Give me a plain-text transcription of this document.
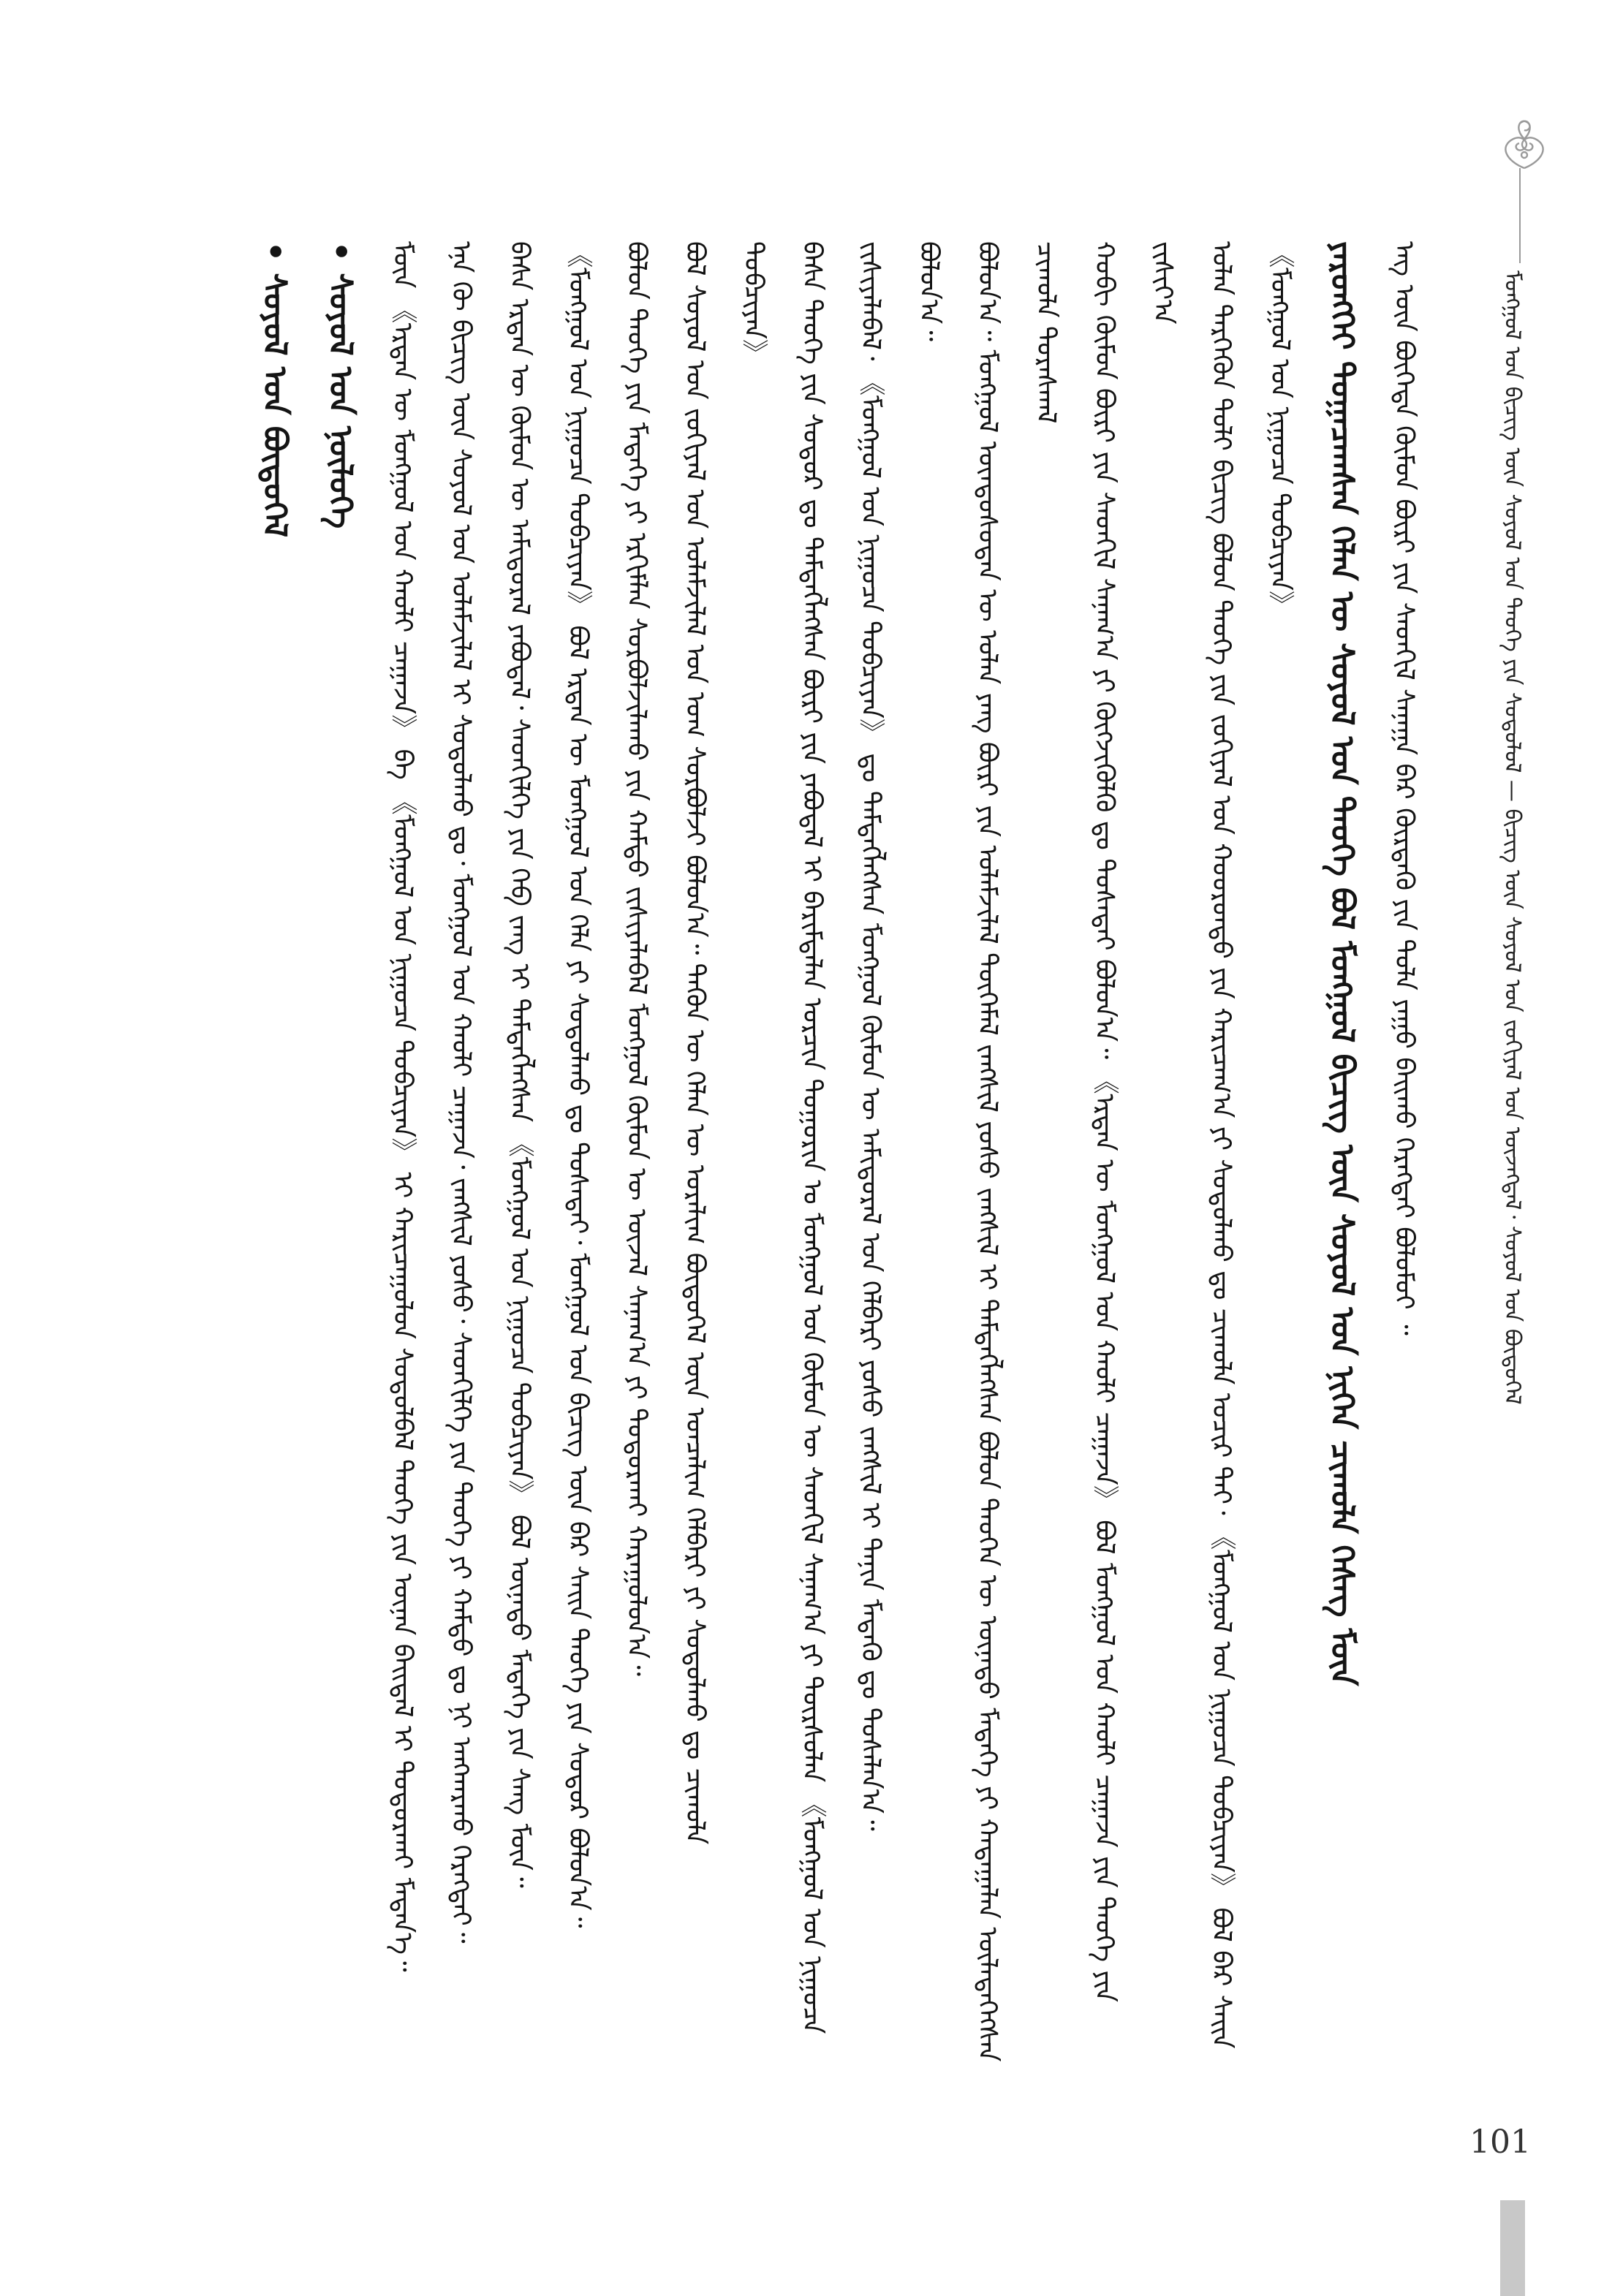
ᠮᠣᠩᠭᠣᠯ ᠤᠨ ᠪᠢᠴᠢᠭ᠌ ᠦᠨ ᠰᠣᠶᠣᠯ ᠤᠨ ᠲᠡᠦᠬᠡ ᠶᠢᠨ ᠰᠤᠳᠤᠯᠤᠯ — ᠪᠢᠴᠢᠭ᠌ ᠦᠨ ᠰᠣᠶᠣᠯ ᠤᠨ ᠵᠣᠬᠢᠶᠠᠯ ᠤᠨ ᠦᠵᠡᠭᠳᠡᠯ᠂ ᠰᠣᠶᠣᠯ ᠤᠨ ᠪᠦᠲᠦᠭᠡᠯ
ᠡᠩ ᠦᠨ ᠪᠦᠭᠡᠳᠡ ᠬᠦᠮᠦᠨ ᠪᠦᠷᠢ ᠶᠢᠨ ᠰᠡᠳᠬᠢᠯ ᠰᠠᠨᠠᠭᠠ ᠪᠡᠷ ᠬᠦᠷᠲᠡᠬᠦ ᠶᠢᠨ ᠲᠤᠯᠠ ᠶᠠᠭᠤ ᠪᠠᠢ᠌ᠬᠤ ᠬᠡᠷᠡᠭᠲᠡᠢ ᠪᠣᠯᠤᠮᠤᠢ ᠃
ᠶᠡᠷᠦᠩᠬᠡᠢ ᠲᠣᠭᠠᠴᠠᠭᠰᠠᠨ ᠬᠡᠯᠡᠨ ᠦ ᠰᠣᠶᠣᠯ ᠤᠨ ᠲᠡᠦᠬᠡ ᠪᠣᠯ ᠮᠣᠩᠭᠣᠯ ᠪᠢᠴᠢᠭ᠌ ᠦᠨ ᠰᠣᠶᠣᠯ ᠤᠨ ᠨᠢᠭᠡᠨ ᠴᠢᠬᠤᠯᠠ ᠬᠡᠰᠡᠭ ᠮᠥᠨ
《ᠮᠣᠩᠭᠣᠯ ᠤᠨ ᠨᠢᠭᠤᠴᠠ ᠲᠣᠪᠴᠢᠶᠠᠨ》
ᠣᠯᠠᠨ ᠲᠡᠷᠭᠡᠭᠦᠨ ᠲᠣᠯᠢ ᠪᠢᠴᠢᠭ᠌ ᠪᠣᠯᠤᠨ ᠲᠡᠦᠬᠡ ᠶᠢᠨ ᠵᠣᠬᠢᠶᠠᠯ ᠤᠨ ᠬᠣᠣᠷᠣᠨᠳᠤ ᠶᠢᠨ ᠬᠠᠷᠢᠴᠠᠭ᠎ᠠ ᠶᠢ ᠰᠣᠳᠤᠯᠬᠤ ᠳᠤ ᠴᠢᠬᠤᠯᠠ ᠤᠴᠢᠷ ᠲᠠᠢ᠂ 《ᠮᠣᠩᠭᠣᠯ ᠤᠨ ᠨᠢᠭᠤᠴᠠ ᠲᠣᠪᠴᠢᠶᠠᠨ》 ᠪᠣᠯ ᠪᠠᠷ ᠰᠠᠢ᠌ᠨ ᠵᠢᠱᠢᠶ᠎ᠠ
ᠬᠤᠪᠢ ᠬᠦᠮᠦᠨ ᠪᠦᠷᠢ ᠶᠢᠨ ᠰᠡᠳᠬᠢᠯ ᠰᠠᠨᠠᠭ᠎ᠠ ᠶᠢ ᠬᠥᠭᠵᠢᠭᠦᠯᠬᠦ ᠳᠤ ᠲᠤᠰᠠᠲᠠᠢ ᠪᠣᠯᠤᠨ᠎ᠠ᠃ 《ᠡᠷᠲᠡᠨ ᠦ ᠮᠣᠩᠭᠣᠯ ᠤᠨ ᠬᠠᠤᠯᠢ ᠴᠠᠭᠠᠵᠠ》 ᠪᠣᠯ ᠮᠣᠩᠭᠣᠯ ᠤᠨ ᠬᠠᠤᠯᠢ ᠴᠠᠭᠠᠵᠠ ᠶᠢᠨ ᠲᠡᠦᠬᠡ ᠶᠢᠨ ᠴᠢᠬᠤᠯᠠ ᠳᠤᠷᠠᠰᠬᠠᠯ
ᠪᠣᠯᠤᠨ᠎ᠠ᠃ ᠮᠣᠩᠭᠣᠯ ᠦᠨᠳᠦᠰᠦᠲᠡᠨ ᠦ ᠣᠯᠠᠨ ᠶᠠᠩ ᠪᠦᠷᠢ ᠶᠢᠨ ᠤᠯᠠᠮᠵᠢᠯᠠᠯ ᠲᠦᠭᠡᠮᠡᠯ ᠵᠠᠩᠱᠢᠯ ᠶᠣᠰᠣ ᠵᠠᠩᠱᠢᠯ ᠢ ᠲᠡᠮᠳᠡᠭᠯᠡᠭᠰᠡᠨ ᠪᠣᠯᠤᠨ ᠲᠡᠦᠬᠡᠨ ᠦ ᠦᠨᠡᠲᠦ ᠮᠡᠳᠡᠭᠡ ᠶᠢ ᠬᠠᠳᠠᠭᠠᠯᠠᠨ ᠦᠯᠡᠳᠡᠭᠡᠭᠰᠡᠨ ᠪᠣᠯᠤᠨ᠎ᠠ᠃
ᠵᠢᠱᠢᠶᠡᠯᠡᠪᠡᠯ᠂ 《ᠮᠣᠩᠭᠣᠯ ᠤᠨ ᠨᠢᠭᠤᠴᠠ ᠲᠣᠪᠴᠢᠶᠠᠨ》 ᠳᠤ ᠲᠡᠮᠳᠡᠭᠯᠡᠭᠰᠡᠨ ᠮᠣᠩᠭᠣᠯ ᠬᠦᠮᠦᠨ ᠦ ᠠᠮᠢᠳᠤᠷᠠᠯ ᠤᠨ ᠬᠡᠯᠪᠡᠷᠢ ᠶᠣᠰᠣ ᠵᠠᠩᠱᠢᠯ ᠢ ᠲᠠᠨᠢᠨ ᠮᠡᠳᠡᠬᠦ ᠳᠤ ᠲᠤᠰᠠᠯᠠᠨ᠎ᠠ᠃
ᠪᠠᠰᠠ ᠲᠡᠦᠬᠡ ᠶᠢᠨ ᠰᠤᠳᠤᠷ ᠳᠤ ᠲᠡᠮᠳᠡᠭᠯᠡᠭᠰᠡᠨ ᠪᠦᠷᠢ ᠶᠢᠨ ᠶᠠᠪᠤᠳᠠᠯ ᠢ ᠪᠠᠷᠢᠮᠲᠠᠯᠠᠨ ᠣᠷᠴᠢᠨ ᠲᠣᠭᠣᠷᠢᠨ ᠤ ᠮᠣᠩᠭᠣᠯ ᠤᠨ ᠬᠦᠮᠦᠨ ᠦ ᠰᠡᠳᠬᠢᠯ ᠰᠠᠨᠠᠭ᠎ᠠ ᠶᠢ ᠳᠦᠷᠰᠦᠯᠡᠨ 《ᠮᠣᠩᠭᠣᠯ ᠤᠨ ᠨᠢᠭᠤᠴᠠ ᠲᠣᠪᠴᠢᠶᠠᠨ》
ᠪᠣᠯ ᠰᠣᠶᠣᠯ ᠤᠨ ᠵᠣᠬᠢᠶᠠᠯ ᠤᠨ ᠤᠯᠠᠮᠵᠢᠯᠠᠯ ᠤᠨ ᠤᠭ ᠰᠤᠷᠪᠤᠯᠵᠢ ᠪᠣᠯᠤᠨ᠎ᠠ᠃ ᠲᠡᠭᠦᠨ ᠦ ᠬᠡᠯᠡᠨ ᠦ ᠤᠷᠠᠯᠢᠭ ᠪᠦᠲᠦᠭᠡᠯ ᠦᠨ ᠤᠨᠴᠠᠯᠢᠭ ᠬᠡᠯᠪᠡᠷᠢ ᠶᠢ ᠰᠤᠳᠤᠯᠬᠤ ᠳᠤ ᠴᠢᠬᠤᠯᠠ
ᠪᠣᠯᠤᠨ ᠲᠡᠦᠬᠡ ᠶᠢᠨ ᠮᠡᠳᠡᠭᠡ ᠶᠢ ᠡᠷᠬᠢᠮᠯᠡᠨ ᠰᠤᠷᠪᠤᠯᠵᠢᠯᠠᠬᠤ ᠶᠢᠨ ᠬᠠᠮᠲᠤ ᠵᠢᠱᠢᠶᠡᠯᠡᠪᠡᠯ ᠮᠣᠩᠭᠣᠯ ᠬᠦᠮᠦᠨ ᠦ ᠦᠵᠡᠯ ᠰᠠᠨᠠᠭ᠎ᠠ ᠶᠢ ᠲᠣᠳᠤᠷᠬᠠᠢ ᠬᠠᠷᠠᠭᠤᠯᠤᠨ᠎ᠠ᠃
《ᠮᠣᠩᠭᠣᠯ ᠤᠨ ᠨᠢᠭᠤᠴᠠ ᠲᠣᠪᠴᠢᠶᠠᠨ》 ᠪᠣᠯ ᠡᠷᠲᠡᠨ ᠦ ᠮᠣᠩᠭᠣᠯ ᠤᠨ ᠬᠡᠯᠡ ᠶᠢ ᠰᠤᠳᠤᠯᠬᠤ ᠳᠤ ᠲᠤᠰᠠᠲᠠᠢ᠂ ᠮᠣᠩᠭᠣᠯ ᠤᠨ ᠪᠢᠴᠢᠭ᠌ ᠦᠨ ᠪᠠᠷ ᠰᠠᠢ᠌ᠨ ᠲᠡᠦᠬᠡ ᠶᠢᠨ ᠰᠤᠳᠤᠷ ᠪᠣᠯᠤᠨ᠎ᠠ᠃
ᠪᠠᠰᠠ ᠡᠷᠲᠡᠨ ᠦ ᠬᠦᠮᠦᠨ ᠦ ᠠᠮᠢᠳᠤᠷᠠᠯ ᠶᠠᠪᠤᠳᠠᠯ᠂ ᠰᠡᠳᠬᠢᠯᠭᠡ ᠶᠢᠨ ᠬᠡᠪ ᠵᠠᠩ ᠢ ᠲᠡᠮᠳᠡᠭᠯᠡᠭᠰᠡᠨ 《ᠮᠣᠩᠭᠣᠯ ᠤᠨ ᠨᠢᠭᠤᠴᠠ ᠲᠣᠪᠴᠢᠶᠠᠨ》 ᠪᠣᠯ ᠦᠨᠡᠲᠦ ᠮᠡᠳᠡᠭᠡ ᠶᠢᠨ ᠰᠠᠩ ᠮᠥᠨ᠃
ᠡᠨᠡ ᠬᠦ ᠪᠢᠴᠢᠭ᠌ ᠦᠨ ᠰᠣᠶᠣᠯ ᠤᠨ ᠤᠯᠠᠮᠵᠢᠯᠠᠯ ᠢ ᠰᠤᠳᠤᠯᠬᠤ ᠳᠤ᠂ ᠮᠣᠩᠭᠣᠯ ᠤᠨ ᠬᠠᠤᠯᠢ ᠴᠠᠭᠠᠵᠠ᠂ ᠵᠠᠩᠱᠢᠯ ᠶᠣᠰᠣ᠂ ᠰᠡᠳᠬᠢᠯᠭᠡ ᠶᠢᠨ ᠲᠡᠦᠬᠡ ᠶᠢ ᠬᠠᠮᠲᠤ ᠳᠤ ᠨᠢ ᠠᠩᠬᠠᠷᠬᠤ ᠬᠡᠷᠡᠭᠲᠡᠢ᠃
ᠮᠥᠨ 《ᠡᠷᠲᠡᠨ ᠦ ᠮᠣᠩᠭᠣᠯ ᠤᠨ ᠬᠠᠤᠯᠢ ᠴᠠᠭᠠᠵᠠ》 ᠪᠠ 《ᠮᠣᠩᠭᠣᠯ ᠤᠨ ᠨᠢᠭᠤᠴᠠ ᠲᠣᠪᠴᠢᠶᠠᠨ》 ᠢ ᠬᠠᠷᠢᠴᠠᠭᠤᠯᠤᠨ ᠰᠤᠳᠤᠯᠪᠠᠯ ᠲᠡᠦᠬᠡ ᠶᠢᠨ ᠦᠨᠡᠨ ᠪᠠᠢ᠌ᠳᠠᠯ ᠢ ᠲᠣᠳᠤᠷᠬᠠᠢ ᠮᠡᠳᠡᠨ᠎ᠡ᠃
• ᠰᠣᠶᠣᠯ ᠤᠨ ᠨᠥᠯᠦᠭᠡ
• ᠰᠣᠶᠣᠯ ᠤᠨ ᠪᠦᠲᠦᠭᠡᠯ
101
